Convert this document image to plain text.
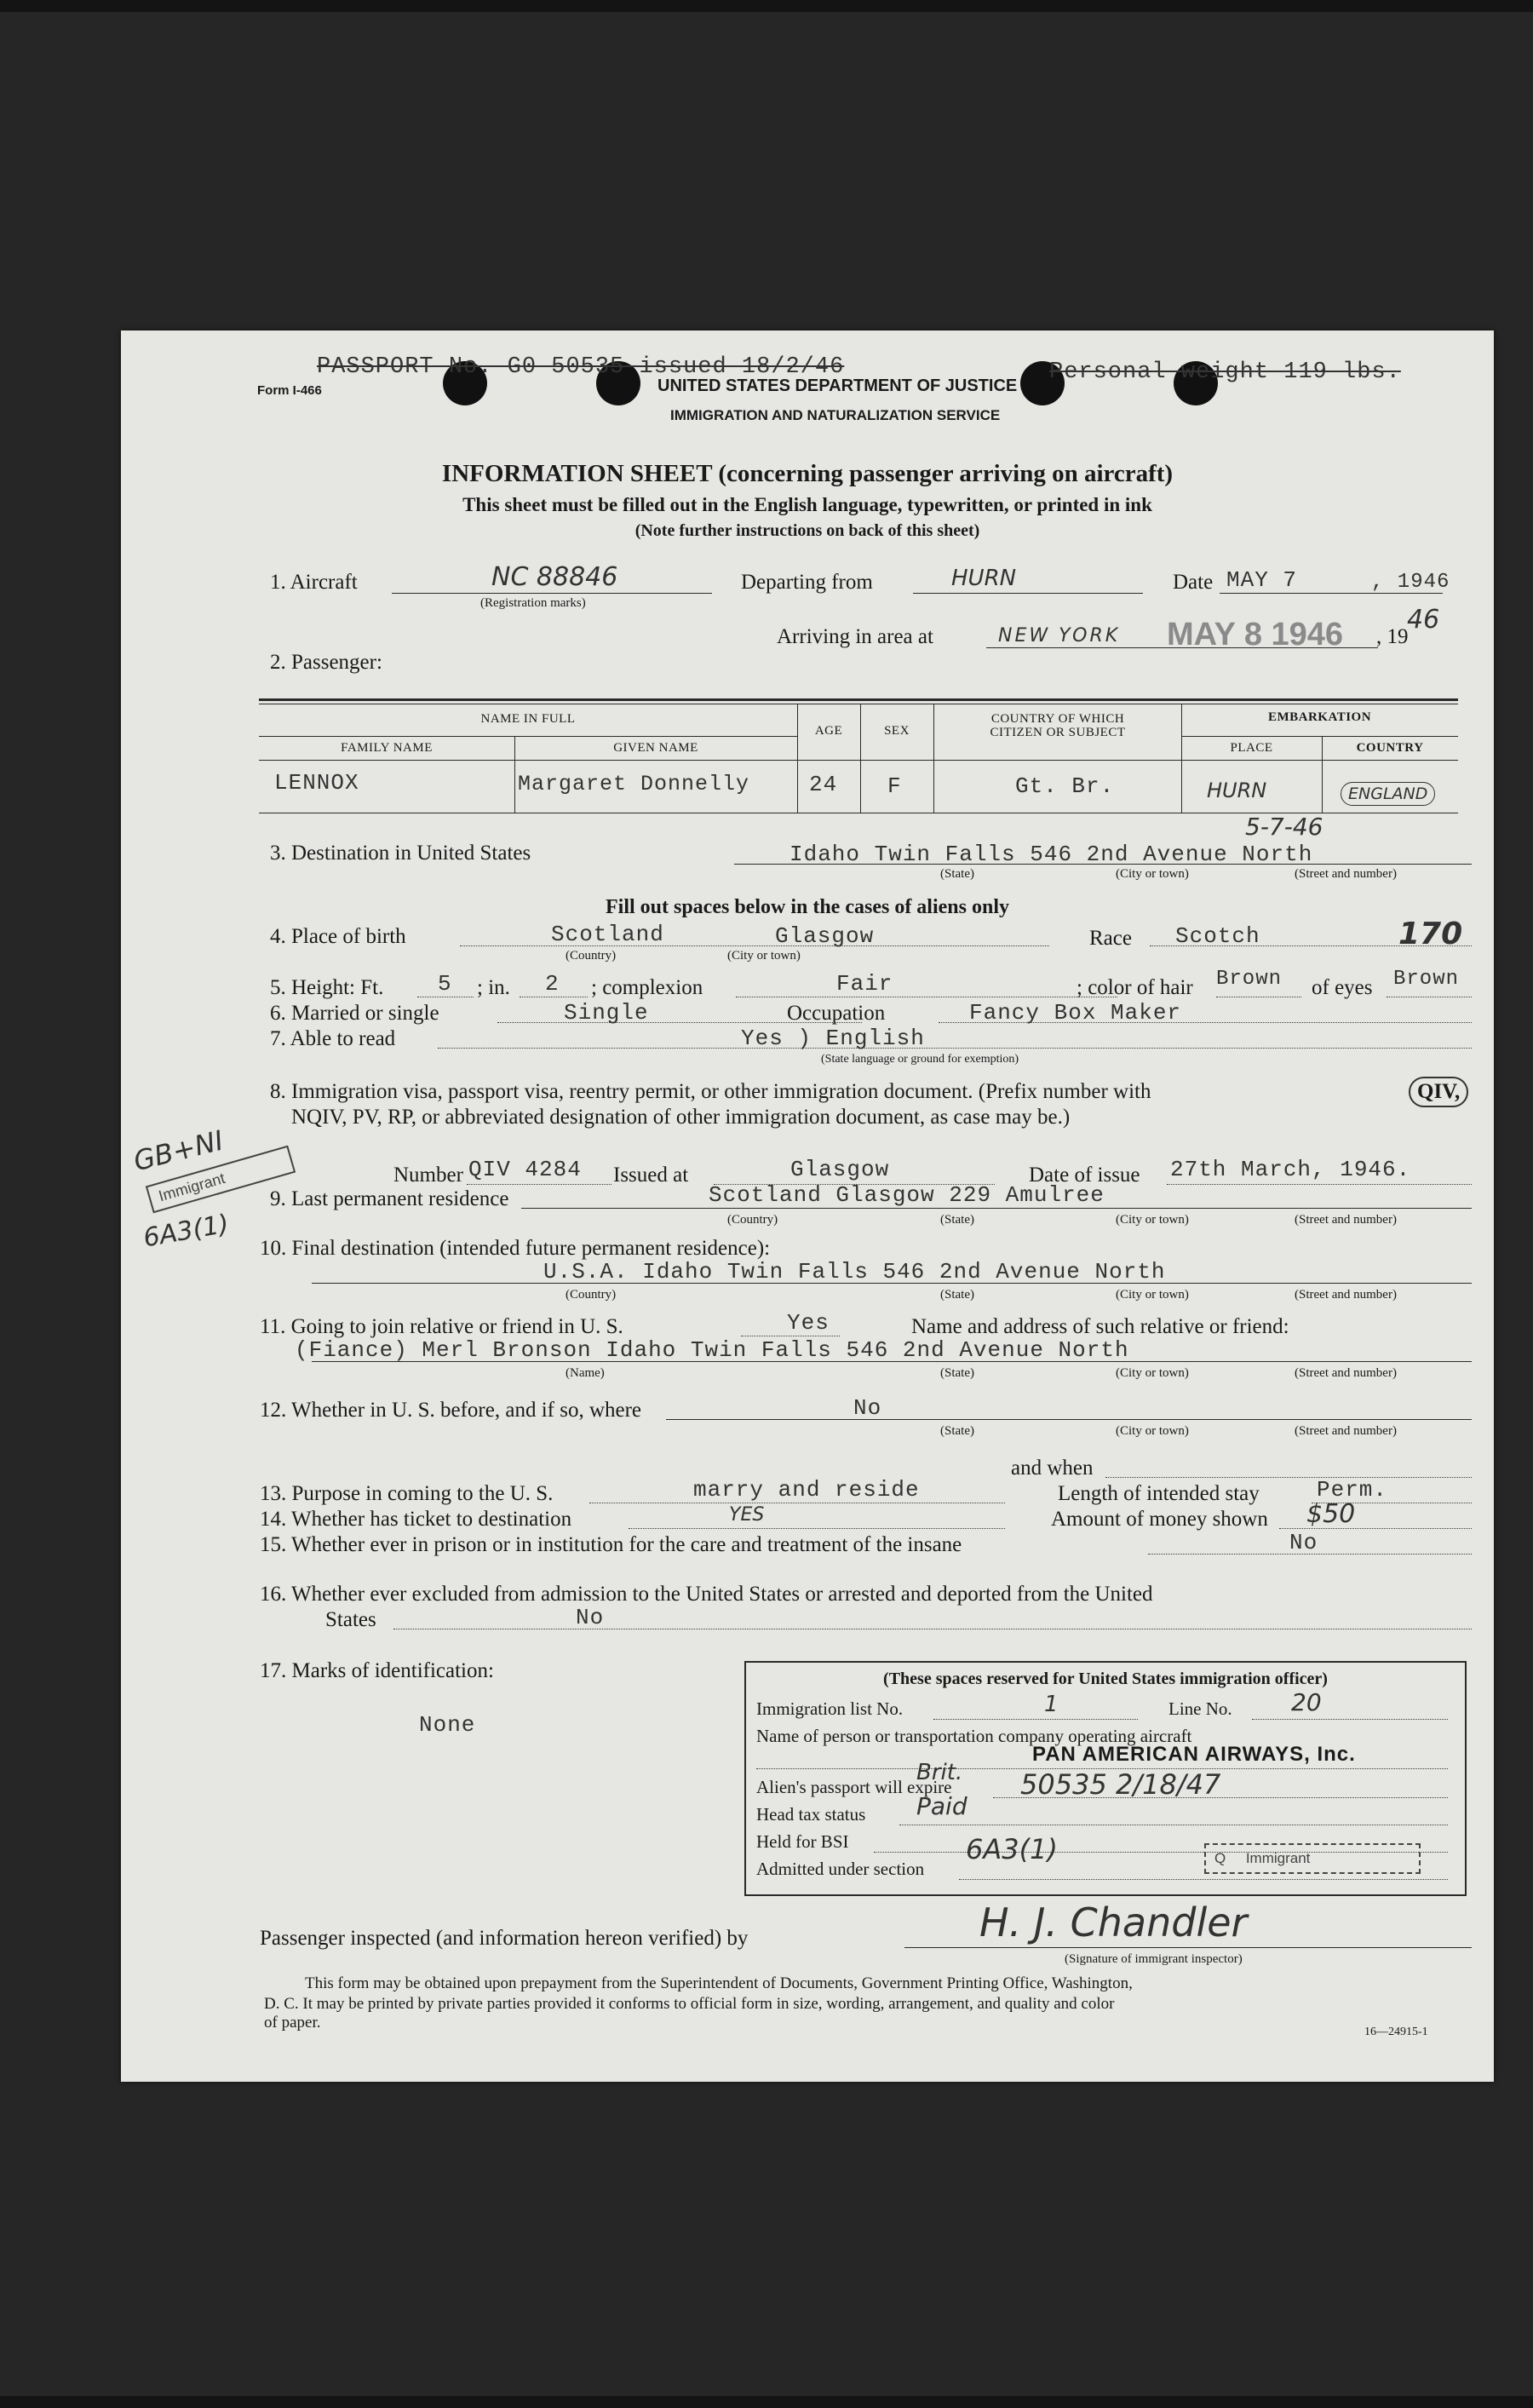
Form I-466
PASSPORT No. G0 50535 issued 18/2/46	Personal weight 119 lbs.
UNITED STATES DEPARTMENT OF JUSTICE
IMMIGRATION AND NATURALIZATION SERVICE
INFORMATION SHEET (concerning passenger arriving on aircraft)
This sheet must be filled out in the English language, typewritten, or printed in ink
(Note further instructions on back of this sheet)
1. Aircraft	NC 88846
(Registration marks)
Departing from	HURN	Date MAY 7	, 1946
Arriving in area at	NEW YORK MAY 8 1946 , 19
46
2. Passenger:
NAME IN FULL
FAMILY NAME	GIVEN NAME
AGE	SEX
COUNTRY OF WHICH CITIZEN OR SUBJECT
EMBARKATION
PLACE	COUNTRY
LENNOX	Margaret Donnelly	24 F	Gt. Br.	HURN	ENGLAND
5-7-46
3. Destination in United States	Idaho Twin Falls 546 2nd Avenue North
(State)	(City or town)	(Street and number)
Fill out spaces below in the cases of aliens only
4. Place of birth	Scotland	Glasgow
(Country)	(City or town)
Race Scotch	170
5. Height: Ft. 5 ; in. 2 ; complexion	Fair	; color of hair Brown of eyes Brown
6. Married or single	Single	Occupation	Fancy Box Maker
7. Able to read	Yes ) English
(State language or ground for exemption)
8. Immigration visa, passport visa, reentry permit, or other immigration document. (Prefix number with	QIV,
NQIV, PV, RP, or abbreviated designation of other immigration document, as case may be.)
Number QIV 4284 Issued at	Glasgow	Date of issue 27th March, 1946.
GB+NI
Immigrant
6A3(1)
9. Last permanent residence	Scotland Glasgow 229 Amulree
(Country)	(State)	(City or town)	(Street and number)
10. Final destination (intended future permanent residence):
U.S.A. Idaho Twin Falls 546 2nd Avenue North
(Country)	(State)	(City or town)	(Street and number)
11. Going to join relative or friend in U. S.	Yes	Name and address of such relative or friend:
(Fiance) Merl Bronson Idaho Twin Falls 546 2nd Avenue North
(Name)	(State)	(City or town)	(Street and number)
12. Whether in U. S. before, and if so, where	No
(State)	(City or town)	(Street and number)
and when
13. Purpose in coming to the U. S.	marry and reside	Length of intended stay	Perm.
14. Whether has ticket to destination	YES	Amount of money shown $50
15. Whether ever in prison or in institution for the care and treatment of the insane	No
16. Whether ever excluded from admission to the United States or arrested and deported from the United
States	No
17. Marks of identification:
None
(These spaces reserved for United States immigration officer)
Immigration list No.	1	Line No. 20
Name of person or transportation company operating aircraft
PAN AMERICAN AIRWAYS, Inc.
Alien's passport will expire
Brit. 50535 2/18/47
Head tax status Paid
Held for BSI
Admitted under section
6A3(1)	Q     Immigrant
Passenger inspected (and information hereon verified) by	H. J. Chandler
(Signature of immigrant inspector)
This form may be obtained upon prepayment from the Superintendent of Documents, Government Printing Office, Washington,
D. C. It may be printed by private parties provided it conforms to official form in size, wording, arrangement, and quality and color
of paper.
16—24915-1
